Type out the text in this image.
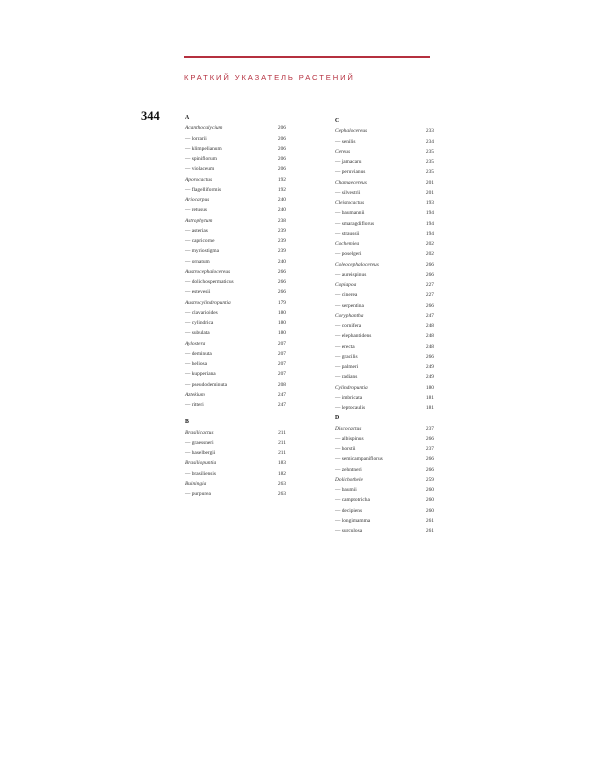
КРАТКИЙ УКАЗАТЕЛЬ РАСТЕНИЙ
344	A
Acanthocalycium	206
— lorrarii	206
— klimpelianum	206
— spiniflorum	206
— violaceum	206
Aporocactus	192
— flagelliformis	192
Ariocarpus	240
— retusus	240
Astrophytum	238
— asterias	239
— capricorne	239
— myriostigma	239
— ornatum	240
Austrocephalocereus	266
— dolichospermaticus	266
— estevesii	266
Austrocylindropuntia	179
— clavarioides	180
— cylindrica	180
— subulata	180
Aylostera	207
— deminuta	207
— heliosa	207
— kupperiana	207
— pseudodeminuta	208
Aztekium	247
— ritteri	247
B
Brasilicactus	211
— graessneri	211
— haselbergii	211
Brasiliopuntia	183
— brasiliensis	182
Buiningia	263
— purpurea	263
C
Cephalocereus	233
— senilis	234
Cereus	235
— jamacaru	235
— peruvianus	235
Chamaecereus	201
— silvestrii	201
Cleistocactus	193
— baumannii	194
— smaragdiflorus	194
— straussii	194
Cochemiea	202
— poselgeri	202
Coleocephalocereus	266
— aureispinus	266
Copiapoa	227
— cinerea	227
— serpentina	266
Coryphantha	247
— cornifera	248
— elephantidens	248
— erecta	248
— gracilis	266
— palmeri	249
— radians	249
Cylindropuntia	180
— imbricata	181
— leptocaulis	181
D
Discocactus	237
— albispinus	266
— horstii	237
— semicampaniflorus	266
— zehntneri	266
Dolichothele	259
— baumii	260
— camptotricha	260
— decipiens	260
— longimamma	261
— surculosa	261
